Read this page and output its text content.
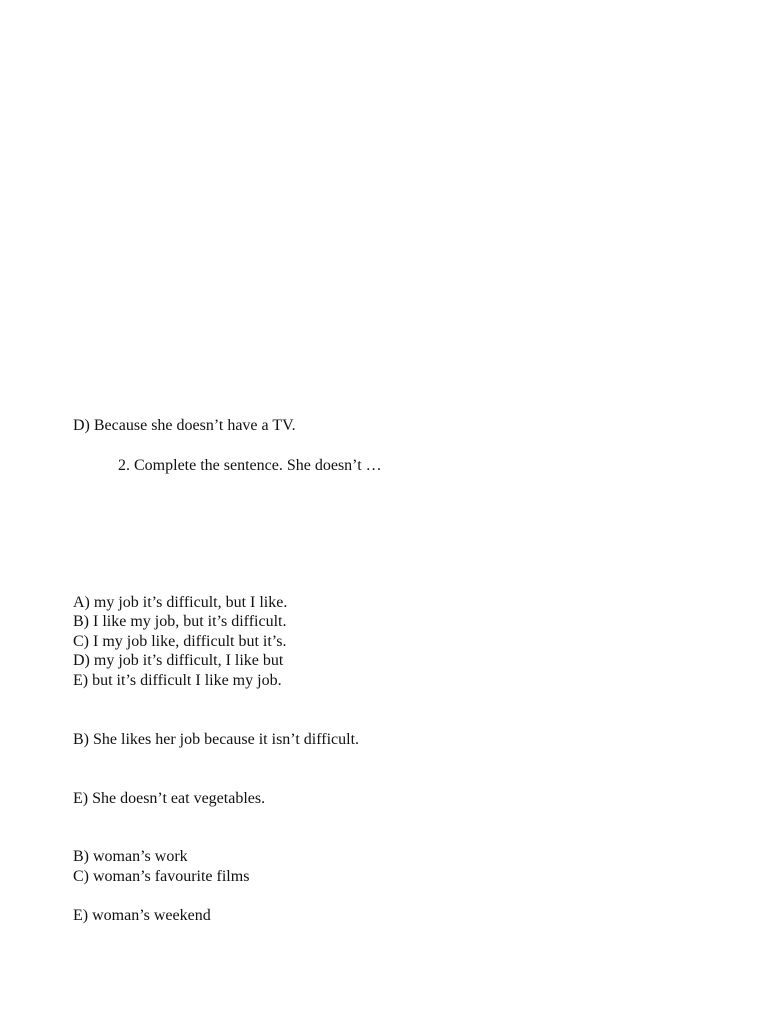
D) Because she doesn’t have a TV.
2. Complete the sentence. She doesn’t …
A) my job it’s difficult, but I like.
B) I like my job, but it’s difficult.
C) I my job like, difficult but it’s.
D) my job it’s difficult, I like but
E) but it’s difficult I like my job.
B) She likes her job because it isn’t difficult.
E) She doesn’t eat vegetables.
B) woman’s work
C) woman’s favourite films
E) woman’s weekend
